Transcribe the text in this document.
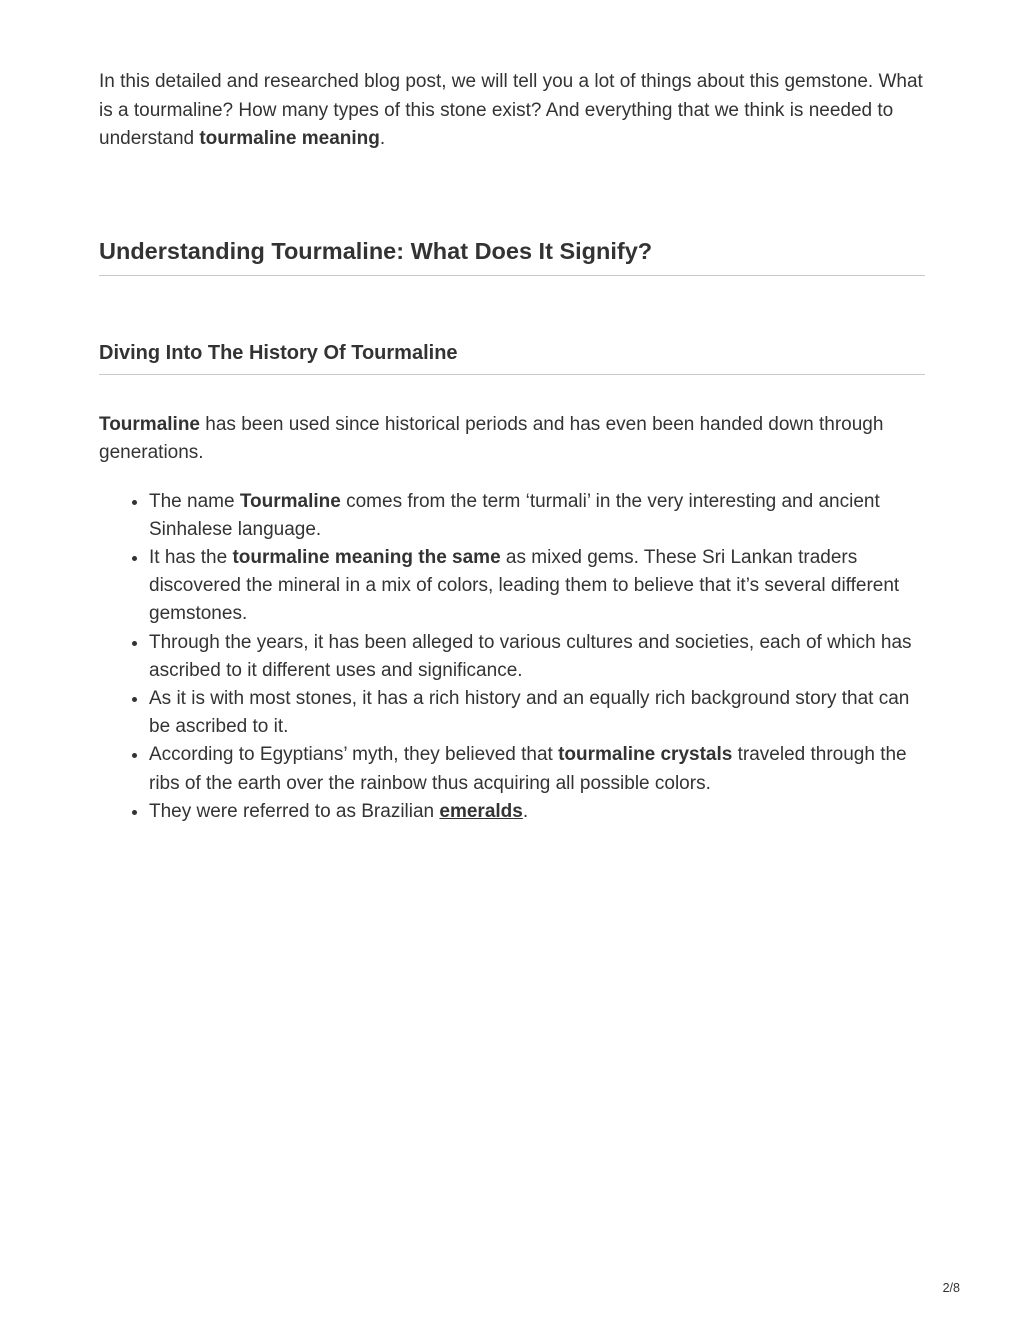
In this detailed and researched blog post, we will tell you a lot of things about this gemstone. What is a tourmaline? How many types of this stone exist? And everything that we think is needed to understand tourmaline meaning.

Understanding Tourmaline: What Does It Signify?
Diving Into The History Of Tourmaline

Tourmaline has been used since historical periods and has even been handed down through generations.

• The name Tourmaline comes from the term ‘turmali’ in the very interesting and ancient Sinhalese language.
• It has the tourmaline meaning the same as mixed gems. These Sri Lankan traders discovered the mineral in a mix of colors, leading them to believe that it’s several different gemstones.
• Through the years, it has been alleged to various cultures and societies, each of which has ascribed to it different uses and significance.
• As it is with most stones, it has a rich history and an equally rich background story that can be ascribed to it.
• According to Egyptians’ myth, they believed that tourmaline crystals traveled through the ribs of the earth over the rainbow thus acquiring all possible colors.
• They were referred to as Brazilian emeralds.
2/8
